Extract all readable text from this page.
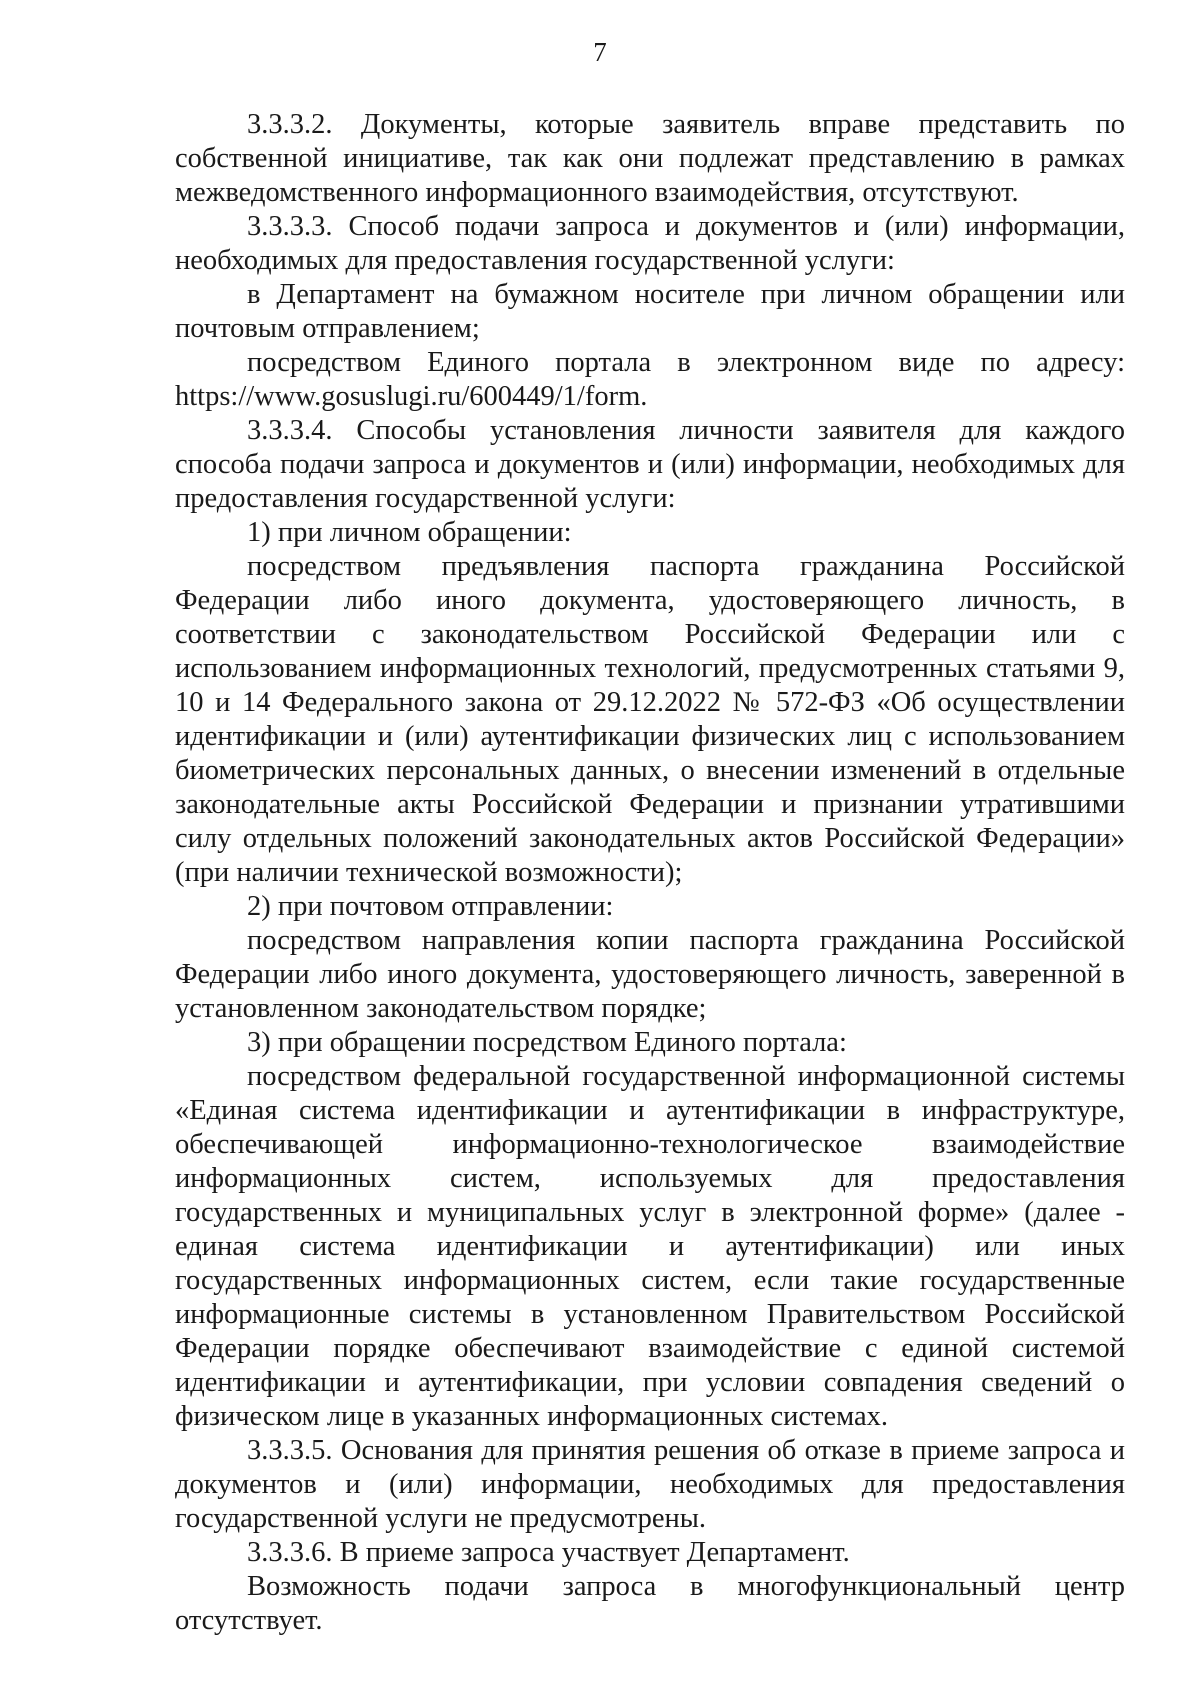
7

3.3.3.2. Документы, которые заявитель вправе представить по собственной инициативе, так как они подлежат представлению в рамках межведомственного информационного взаимодействия, отсутствуют.

3.3.3.3. Способ подачи запроса и документов и (или) информации, необходимых для предоставления государственной услуги:

в Департамент на бумажном носителе при личном обращении или почтовым отправлением;

посредством Единого портала в электронном виде по адресу: https://www.gosuslugi.ru/600449/1/form.

3.3.3.4. Способы установления личности заявителя для каждого способа подачи запроса и документов и (или) информации, необходимых для предоставления государственной услуги:

1) при личном обращении:

посредством предъявления паспорта гражданина Российской Федерации либо иного документа, удостоверяющего личность, в соответствии с законодательством Российской Федерации или с использованием информационных технологий, предусмотренных статьями 9, 10 и 14 Федерального закона от 29.12.2022 № 572-ФЗ «Об осуществлении идентификации и (или) аутентификации физических лиц с использованием биометрических персональных данных, о внесении изменений в отдельные законодательные акты Российской Федерации и признании утратившими силу отдельных положений законодательных актов Российской Федерации» (при наличии технической возможности);

2) при почтовом отправлении:

посредством направления копии паспорта гражданина Российской Федерации либо иного документа, удостоверяющего личность, заверенной в установленном законодательством порядке;

3) при обращении посредством Единого портала:

посредством федеральной государственной информационной системы «Единая система идентификации и аутентификации в инфраструктуре, обеспечивающей информационно-технологическое взаимодействие информационных систем, используемых для предоставления государственных и муниципальных услуг в электронной форме» (далее - единая система идентификации и аутентификации) или иных государственных информационных систем, если такие государственные информационные системы в установленном Правительством Российской Федерации порядке обеспечивают взаимодействие с единой системой идентификации и аутентификации, при условии совпадения сведений о физическом лице в указанных информационных системах.

3.3.3.5. Основания для принятия решения об отказе в приеме запроса и документов и (или) информации, необходимых для предоставления государственной услуги не предусмотрены.

3.3.3.6. В приеме запроса участвует Департамент.

Возможность подачи запроса в многофункциональный центр отсутствует.
